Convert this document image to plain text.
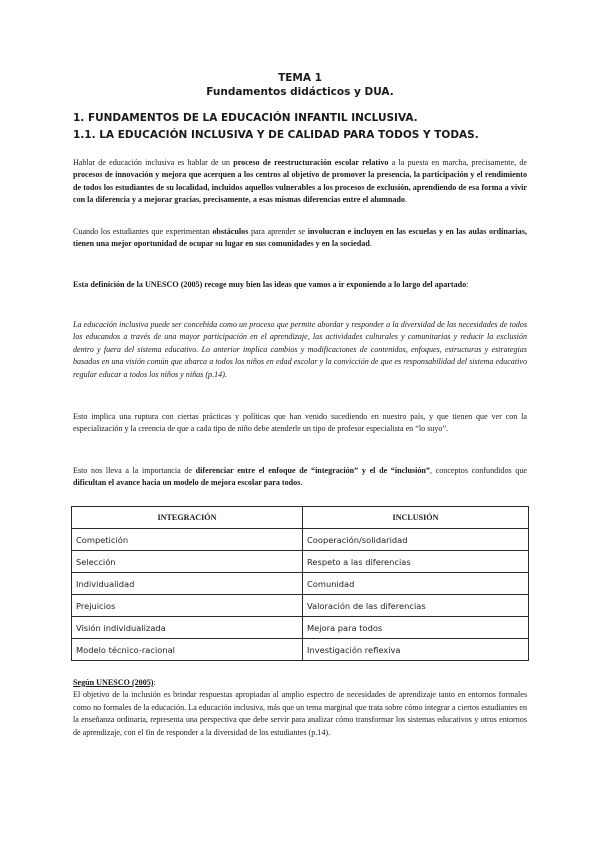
TEMA 1

Fundamentos didácticos y DUA.

1. FUNDAMENTOS DE LA EDUCACIÓN INFANTIL INCLUSIVA.

1.1. LA EDUCACIÓN INCLUSIVA Y DE CALIDAD PARA TODOS Y TODAS.

Hablar de educación inclusiva es hablar de un proceso de reestructuración escolar relativo a la puesta en marcha, precisamente, de procesos de innovación y mejora que acerquen a los centros al objetivo de promover la presencia, la participación y el rendimiento de todos los estudiantes de su localidad, incluidos aquellos vulnerables a los procesos de exclusión, aprendiendo de esa forma a vivir con la diferencia y a mejorar gracias, precisamente, a esas mismas diferencias entre el alumnado.

Cuando los estudiantes que experimentan obstáculos para aprender se involucran e incluyen en las escuelas y en las aulas ordinarias, tienen una mejor oportunidad de ocupar su lugar en sus comunidades y en la sociedad.

Esta definición de la UNESCO (2005) recoge muy bien las ideas que vamos a ir exponiendo a lo largo del apartado:

La educación inclusiva puede ser concebida como un proceso que permite abordar y responder a la diversidad de las necesidades de todos los educandos a través de una mayor participación en el aprendizaje, las actividades culturales y comunitarias y reducir la exclusión dentro y fuera del sistema educativo. Lo anterior implica cambios y modificaciones de contenidos, enfoques, estructuras y estrategias basados en una visión común que abarca a todos los niños en edad escolar y la convicción de que es responsabilidad del sistema educativo regular educar a todos los niños y niñas (p.14).

Esto implica una ruptura con ciertas prácticas y políticas que han venido sucediendo en nuestro país, y que tienen que ver con la especialización y la creencia de que a cada tipo de niño debe atenderle un tipo de profesor especialista en “lo suyo”.

Esto nos lleva a la importancia de diferenciar entre el enfoque de “integración” y el de “inclusión”, conceptos confundidos que dificultan el avance hacia un modelo de mejora escolar para todos.

INTEGRACIÓN	INCLUSIÓN
Competición	Cooperación/solidaridad
Selección	Respeto a las diferencias
Individualidad	Comunidad
Prejuicios	Valoración de las diferencias
Visión individualizada	Mejora para todos
Modelo técnico-racional	Investigación reflexiva

Según UNESCO (2005):
El objetivo de la inclusión es brindar respuestas apropiadas al amplio espectro de necesidades de aprendizaje tanto en entornos formales como no formales de la educación. La educación inclusiva, más que un tema marginal que trata sobre cómo integrar a ciertos estudiantes en la enseñanza ordinaria, representa una perspectiva que debe servir para analizar cómo transformar los sistemas educativos y otros entornos de aprendizaje, con el fin de responder a la diversidad de los estudiantes (p.14).
